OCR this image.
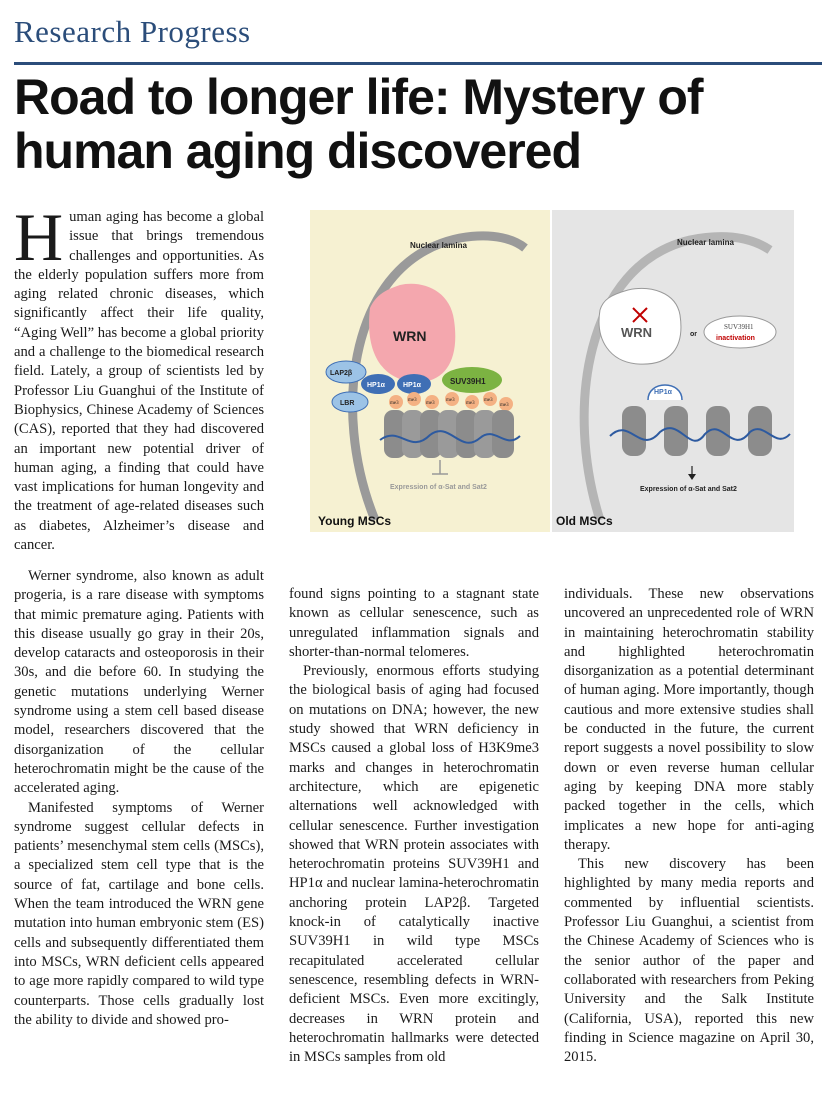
Research Progress
Road to longer life: Mystery of
human aging discovered

Human aging has become a global issue that brings tremendous challenges and opportunities. As the elderly population suffers more from aging related chronic diseases, which significantly affect their life quality, “Aging Well” has become a global priority and a challenge to the biomedical research field. Lately, a group of scientists led by Professor Liu Guanghui of the Institute of Biophysics, Chinese Academy of Sciences (CAS), reported that they had discovered an important new potential driver of human aging, a finding that could have vast implications for human longevity and the treatment of age-related diseases such as diabetes, Alzheimer’s disease and cancer.

Werner syndrome, also known as adult progeria, is a rare disease with symptoms that mimic premature aging. Patients with this disease usually go gray in their 20s, develop cataracts and osteoporosis in their 30s, and die before 60. In studying the genetic mutations underlying Werner syndrome using a stem cell based disease model, researchers discovered that the disorganization of the cellular heterochromatin might be the cause of the accelerated aging.

Manifested symptoms of Werner syndrome suggest cellular defects in patients’ mesenchymal stem cells (MSCs), a specialized stem cell type that is the source of fat, cartilage and bone cells. When the team introduced the WRN gene mutation into human embryonic stem (ES) cells and subsequently differentiated them into MSCs, WRN deficient cells appeared to age more rapidly compared to wild type counterparts. Those cells gradually lost the ability to divide and showed pro-

found signs pointing to a stagnant state known as cellular senescence, such as unregulated inflammation signals and shorter-than-normal telomeres.

Previously, enormous efforts studying the biological basis of aging had focused on mutations on DNA; however, the new study showed that WRN deficiency in MSCs caused a global loss of H3K9me3 marks and changes in heterochromatin architecture, which are epigenetic alternations well acknowledged with cellular senescence. Further investigation showed that WRN protein associates with heterochromatin proteins SUV39H1 and HP1α and nuclear lamina-heterochromatin anchoring protein LAP2β. Targeted knock-in of catalytically inactive SUV39H1 in wild type MSCs recapitulated accelerated cellular senescence, resembling defects in WRN-deficient MSCs. Even more excitingly, decreases in WRN protein and heterochromatin hallmarks were detected in MSCs samples from old

individuals. These new observations uncovered an unprecedented role of WRN in maintaining heterochromatin stability and highlighted heterochromatin disorganization as a potential determinant of human aging. More importantly, though cautious and more extensive studies shall be conducted in the future, the current report suggests a novel possibility to slow down or even reverse human cellular aging by keeping DNA more stably packed together in the cells, which implicates a new hope for anti-aging therapy.

This new discovery has been highlighted by many media reports and commented by influential scientists. Professor Liu Guanghui, a scientist from the Chinese Academy of Sciences who is the senior author of the paper and collaborated with researchers from Peking University and the Salk Institute (California, USA), reported this new finding in Science magazine on April 30, 2015.

Nuclear lamina
WRN
SUV39H1
HP1α	HP1α
LAP2β
LBR	me3
me3
me3
me3
me3
me3
me3
Expression of α-Sat and Sat2
Young MSCs
Nuclear lamina
WRN	or
SUV39H1
inactivation
HP1α
Expression of α-Sat and Sat2
Old MSCs
